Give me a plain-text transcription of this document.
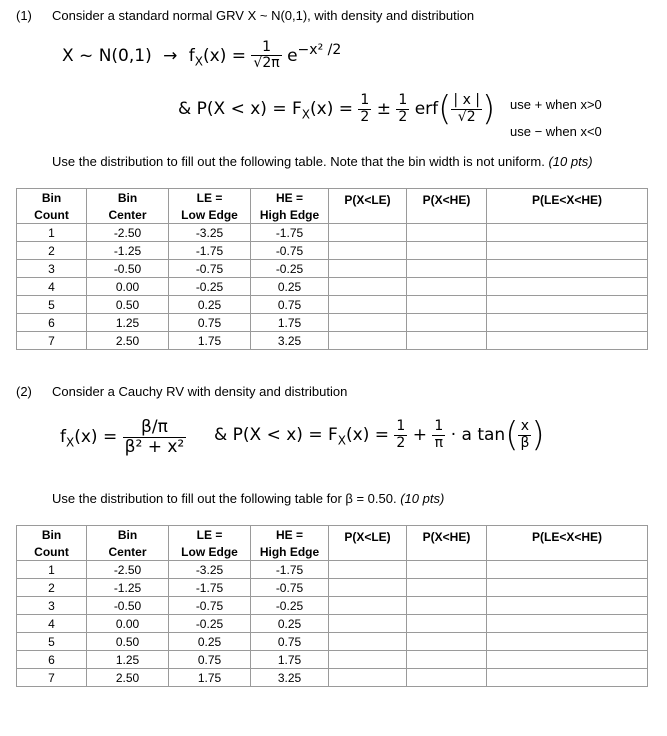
(1) Consider a standard normal GRV X ~ N(0,1), with density and distribution
X ~ $N(0,1) \to f_X(x) = \frac{1}{√2\pi} e^{-x^2 /2}$
& $P(X < x) = F_X(x) = \frac{1}{2} \pm \frac{1}{2} erf( \frac{| x |}{√2}$ ) use + when x>0
use − when x<0
Use the distribution to fill out the following table. Note that the bin width is not uniform. (10 pts)
Bin	Bin	LE =	HE =	P(X<LE)	P(X<HE)	P(LE<X<HE)
Count	Center	Low Edge	High Edge			
1	-2.50	-3.25	-1.75			
2	-1.25	-1.75	-0.75			
3	-0.50	-0.75	-0.25			
4	0.00	-0.25	0.25			
5	0.50	0.25	0.75			
6	1.25	0.75	1.75			
7	2.50	1.75	3.25			
(2) Consider a Cauchy RV with density and distribution
$f_X(x) = \frac{\beta/\pi}{\text{β² + x²}}$ & $P(X < x) = F_X(x) = \frac{1}{2} + \frac{1}{\pi} \cdot a$ $\tan( \frac{x}{\beta}$ )
Use the distribution to fill out the following table for β = 0.50. (10 pts)
Bin	Bin	LE =	HE =	P(X<LE)	P(X<HE)	P(LE<X<HE)
Count	Center	Low Edge	High Edge			
1	-2.50	-3.25	-1.75			
2	-1.25	-1.75	-0.75			
3	-0.50	-0.75	-0.25			
4	0.00	-0.25	0.25			
5	0.50	0.25	0.75			
6	1.25	0.75	1.75			
7	2.50	1.75	3.25			
